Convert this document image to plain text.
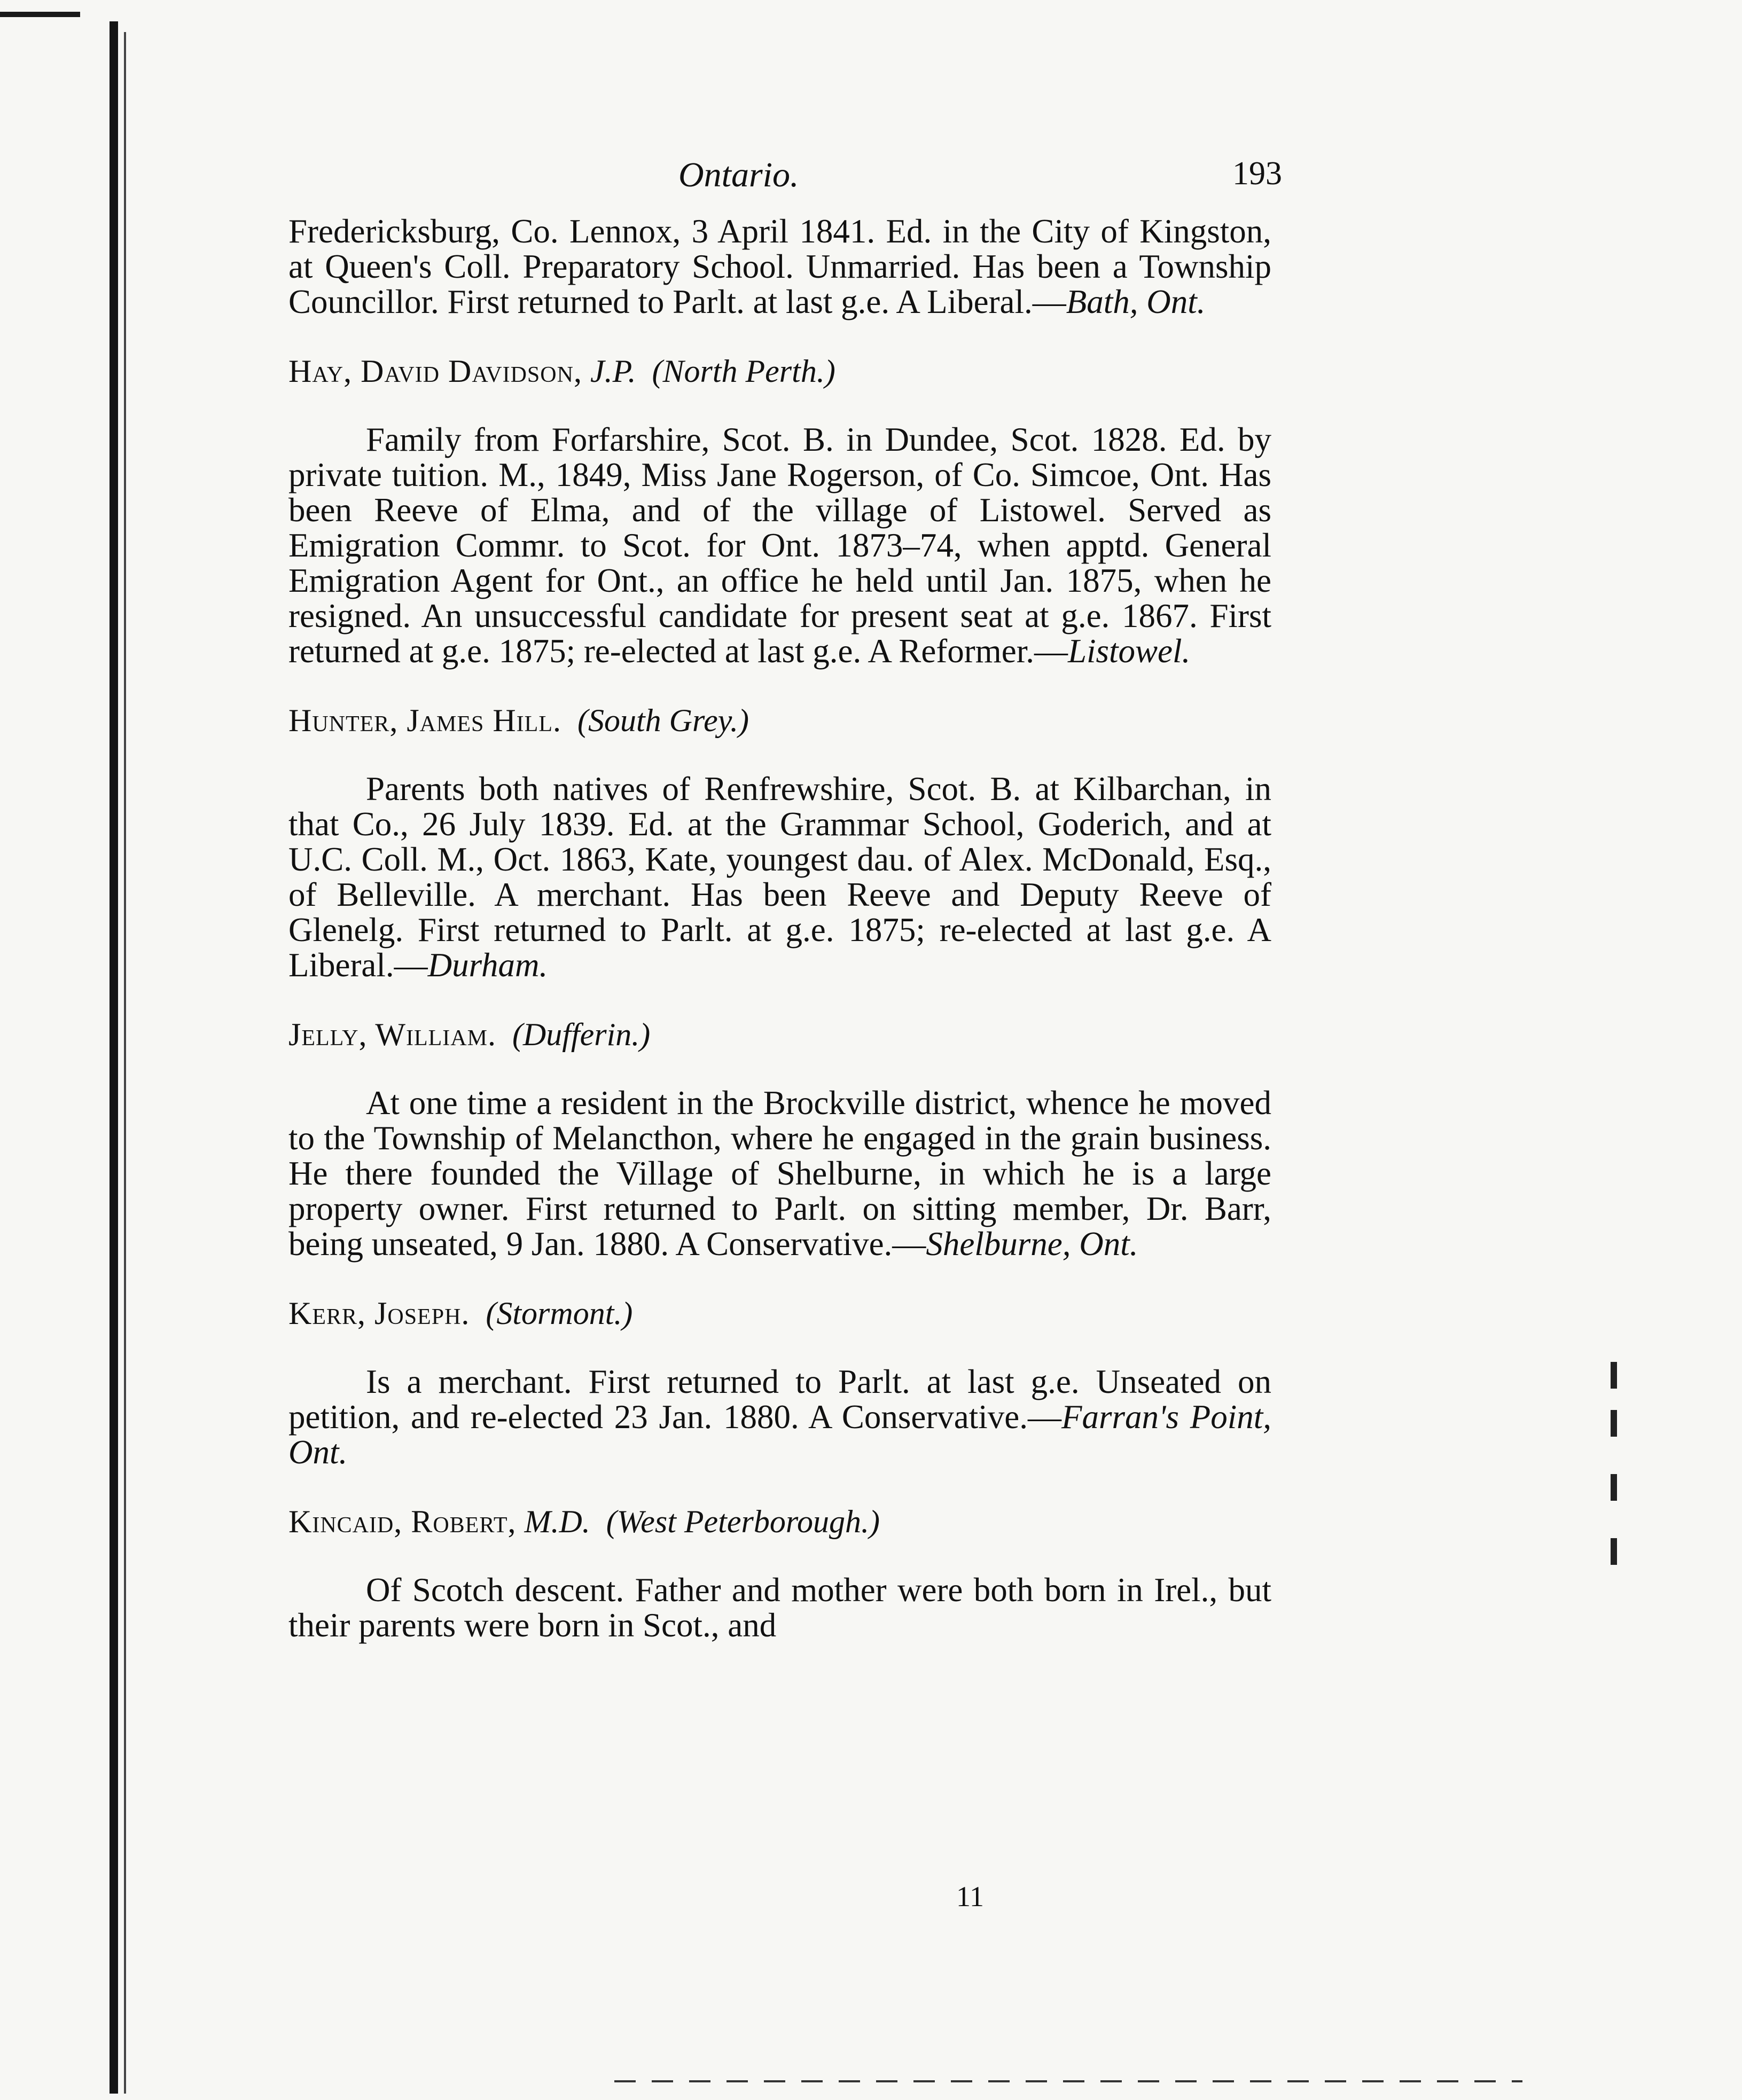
Ontario.	193

Fredericksburg, Co. Lennox, 3 April 1841. Ed. in the City of Kingston, at Queen's Coll. Preparatory School. Unmarried. Has been a Township Councillor. First returned to Parlt. at last g.e. A Liberal.—Bath, Ont.

Hay, David Davidson, J.P. (North Perth.)

Family from Forfarshire, Scot. B. in Dundee, Scot. 1828. Ed. by private tuition. M., 1849, Miss Jane Rogerson, of Co. Simcoe, Ont. Has been Reeve of Elma, and of the village of Listowel. Served as Emigration Commr. to Scot. for Ont. 1873–74, when apptd. General Emigration Agent for Ont., an office he held until Jan. 1875, when he resigned. An unsuccessful candidate for present seat at g.e. 1867. First returned at g.e. 1875; re-elected at last g.e. A Reformer.—Listowel.

Hunter, James Hill. (South Grey.)

Parents both natives of Renfrewshire, Scot. B. at Kilbarchan, in that Co., 26 July 1839. Ed. at the Grammar School, Goderich, and at U.C. Coll. M., Oct. 1863, Kate, youngest dau. of Alex. McDonald, Esq., of Belleville. A merchant. Has been Reeve and Deputy Reeve of Glenelg. First returned to Parlt. at g.e. 1875; re-elected at last g.e. A Liberal.—Durham.

Jelly, William. (Dufferin.)

At one time a resident in the Brockville district, whence he moved to the Township of Melancthon, where he engaged in the grain business. He there founded the Village of Shelburne, in which he is a large property owner. First returned to Parlt. on sitting member, Dr. Barr, being unseated, 9 Jan. 1880. A Conservative.—Shelburne, Ont.

Kerr, Joseph. (Stormont.)

Is a merchant. First returned to Parlt. at last g.e. Unseated on petition, and re-elected 23 Jan. 1880. A Conservative.—Farran's Point, Ont.

Kincaid, Robert, M.D. (West Peterborough.)

Of Scotch descent. Father and mother were both born in Irel., but their parents were born in Scot., and

11
